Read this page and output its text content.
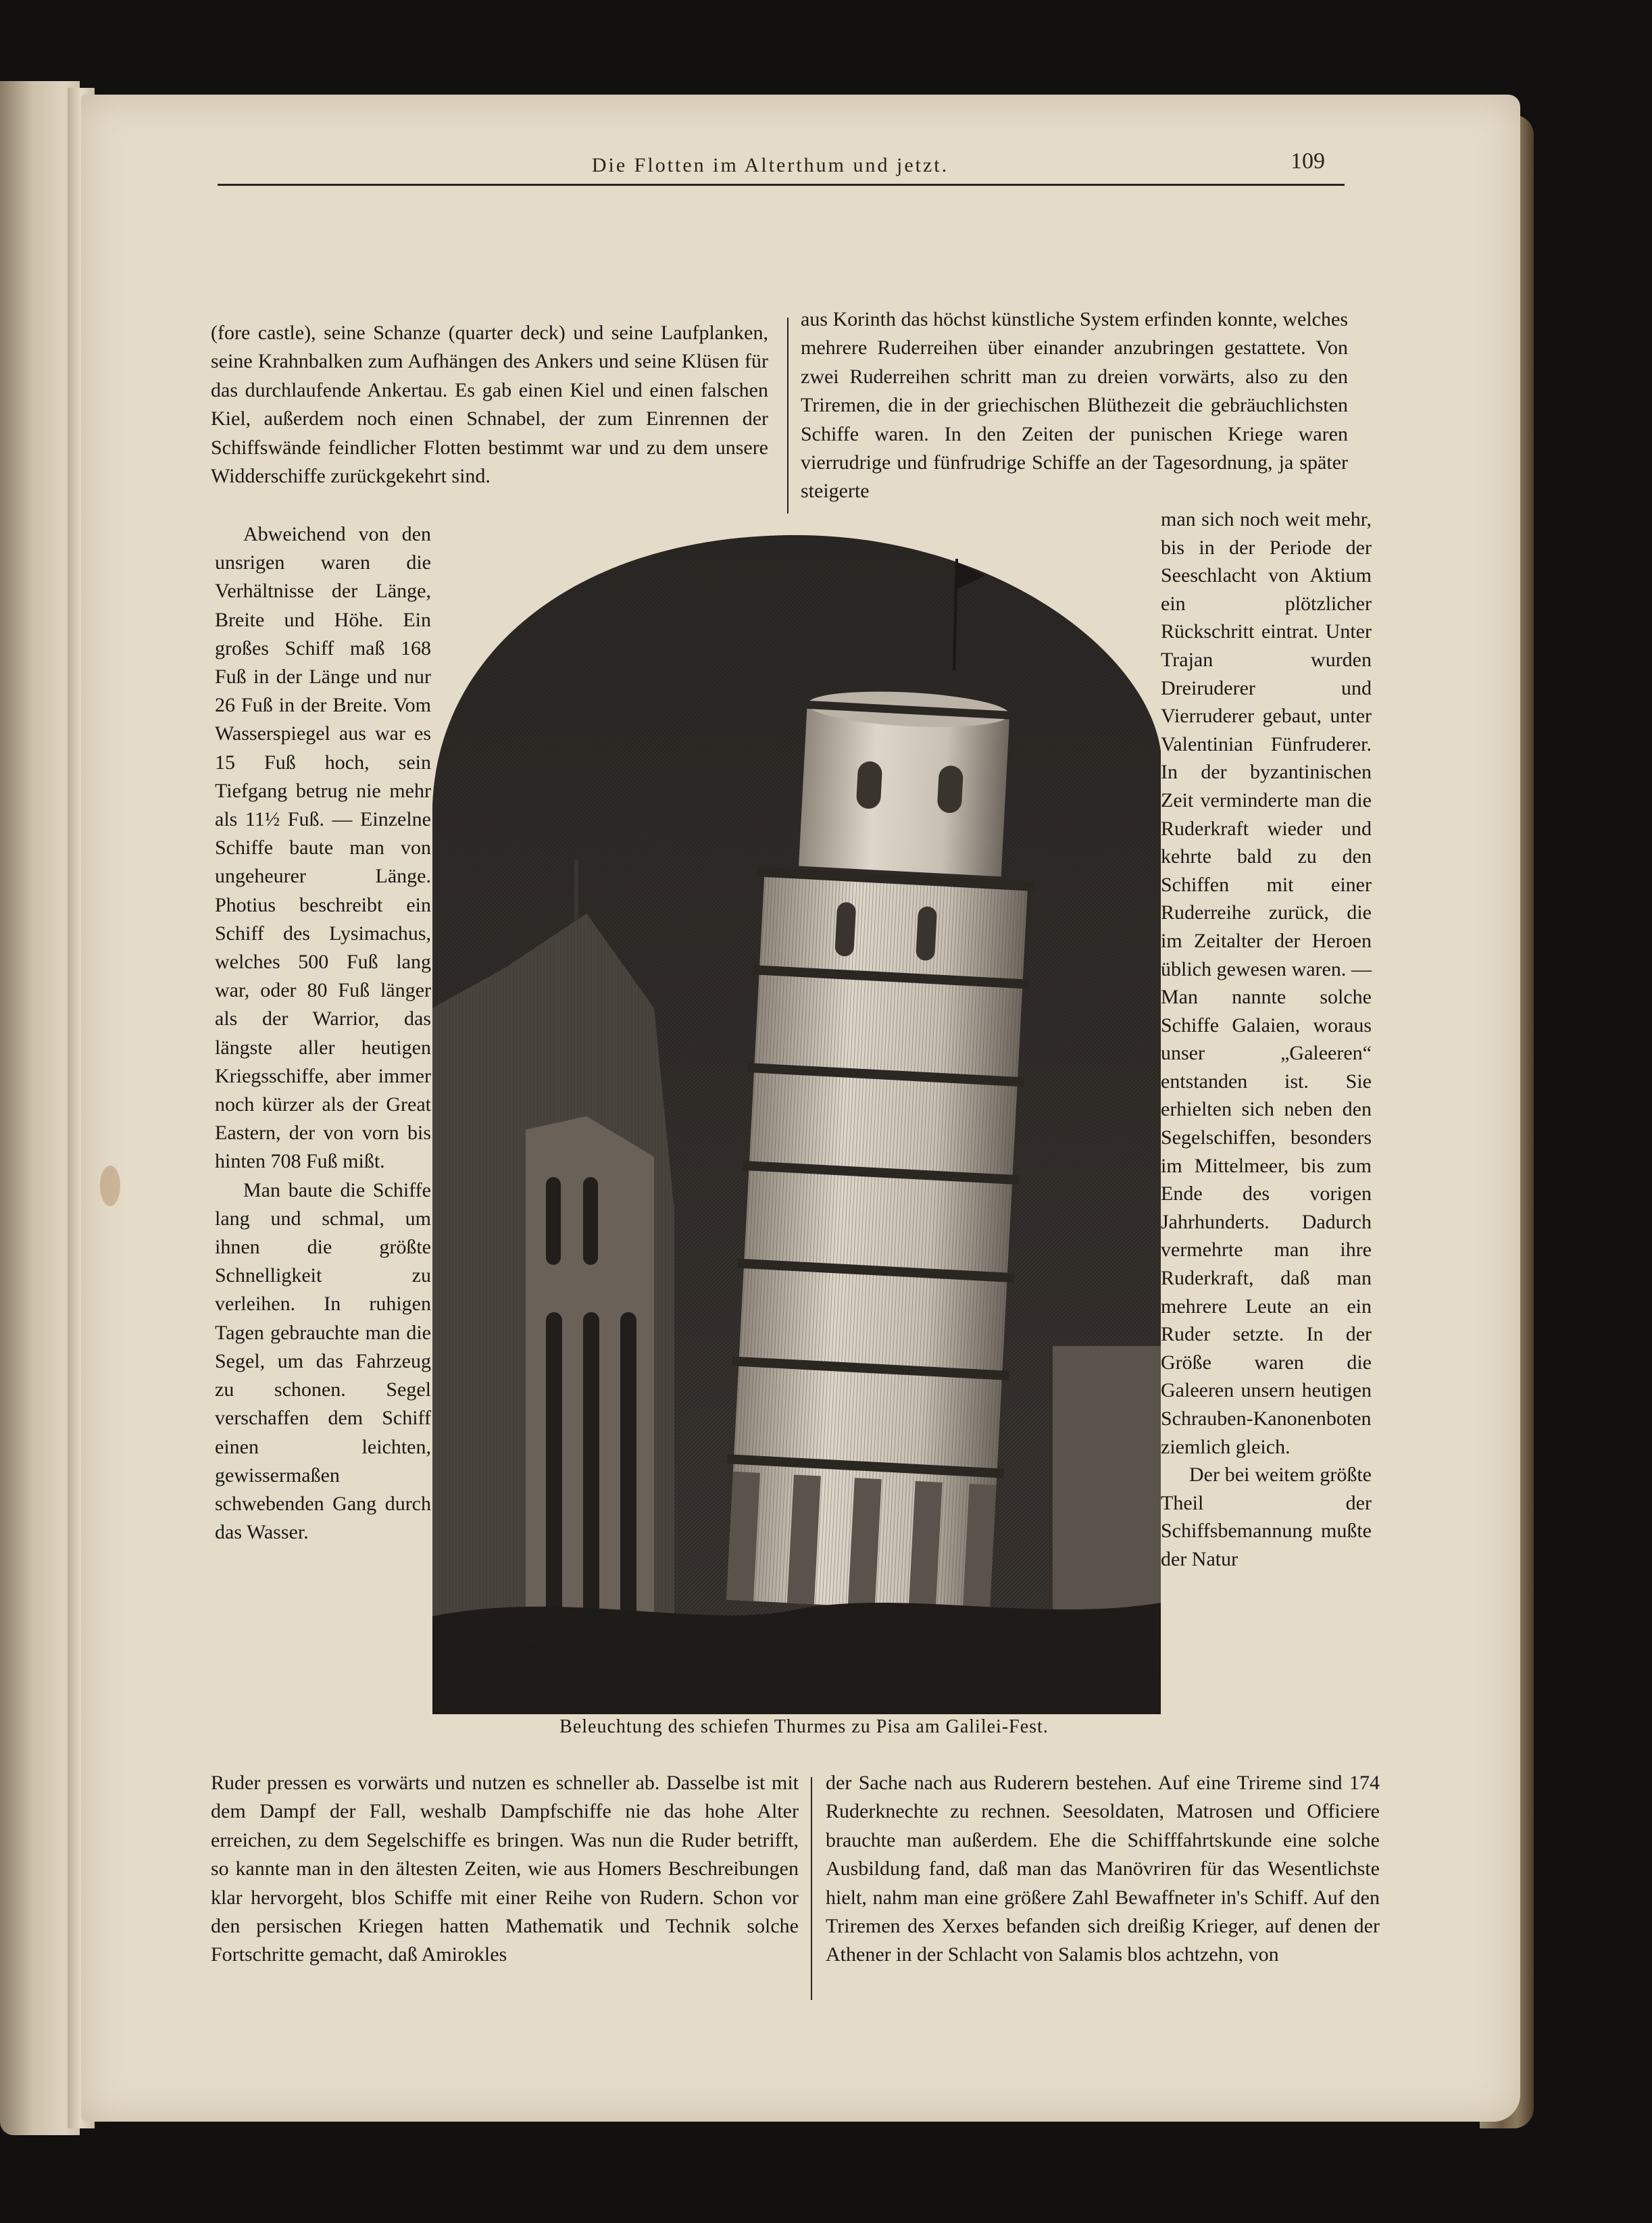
Die Flotten im Alterthum und jetzt.	109

(fore castle), seine Schanze (quarter deck) und seine Laufplanken, seine Krahnbalken zum Aufhängen des Ankers und seine Klüsen für das durchlaufende Ankertau. Es gab einen Kiel und einen falschen Kiel, außerdem noch einen Schnabel, der zum Einrennen der Schiffswände feindlicher Flotten bestimmt war und zu dem unsere Widderschiffe zurückgekehrt sind.

aus Korinth das höchst künstliche System erfinden konnte, welches mehrere Ruderreihen über einander anzubringen gestattete. Von zwei Ruderreihen schritt man zu dreien vorwärts, also zu den Triremen, die in der griechischen Blüthezeit die gebräuchlichsten Schiffe waren. In den Zeiten der punischen Kriege waren vierrudrige und fünfrudrige Schiffe an der Tagesordnung, ja später steigerte

Abweichend von den unsrigen waren die Verhältnisse der Länge, Breite und Höhe. Ein großes Schiff maß 168 Fuß in der Länge und nur 26 Fuß in der Breite. Vom Wasserspiegel aus war es 15 Fuß hoch, sein Tiefgang betrug nie mehr als 11½ Fuß. — Einzelne Schiffe baute man von ungeheurer Länge. Photius beschreibt ein Schiff des Lysimachus, welches 500 Fuß lang war, oder 80 Fuß länger als der Warrior, das längste aller heutigen Kriegsschiffe, aber immer noch kürzer als der Great Eastern, der von vorn bis hinten 708 Fuß mißt.

Man baute die Schiffe lang und schmal, um ihnen die größte Schnelligkeit zu verleihen. In ruhigen Tagen gebrauchte man die Segel, um das Fahrzeug zu schonen. Segel verschaffen dem Schiff einen leichten, gewissermaßen schwebenden Gang durch das Wasser.

man sich noch weit mehr, bis in der Periode der Seeschlacht von Aktium ein plötzlicher Rückschritt eintrat. Unter Trajan wurden Dreiruderer und Vierruderer gebaut, unter Valentinian Fünfruderer. In der byzantinischen Zeit verminderte man die Ruderkraft wieder und kehrte bald zu den Schiffen mit einer Ruderreihe zurück, die im Zeitalter der Heroen üblich gewesen waren. — Man nannte solche Schiffe Galaien, woraus unser „Galeeren“ entstanden ist. Sie erhielten sich neben den Segelschiffen, besonders im Mittelmeer, bis zum Ende des vorigen Jahrhunderts. Dadurch vermehrte man ihre Ruderkraft, daß man mehrere Leute an ein Ruder setzte. In der Größe waren die Galeeren unsern heutigen Schrauben-Kanonenboten ziemlich gleich.

Der bei weitem größte Theil der Schiffsbemannung mußte der Natur

Ruder pressen es vorwärts und nutzen es schneller ab. Dasselbe ist mit dem Dampf der Fall, weshalb Dampfschiffe nie das hohe Alter erreichen, zu dem Segelschiffe es bringen. Was nun die Ruder betrifft, so kannte man in den ältesten Zeiten, wie aus Homers Beschreibungen klar hervorgeht, blos Schiffe mit einer Reihe von Rudern. Schon vor den persischen Kriegen hatten Mathematik und Technik solche Fortschritte gemacht, daß Amirokles

der Sache nach aus Ruderern bestehen. Auf eine Trireme sind 174 Ruderknechte zu rechnen. Seesoldaten, Matrosen und Officiere brauchte man außerdem. Ehe die Schifffahrtskunde eine solche Ausbildung fand, daß man das Manövriren für das Wesentlichste hielt, nahm man eine größere Zahl Bewaffneter in's Schiff. Auf den Triremen des Xerxes befanden sich dreißig Krieger, auf denen der Athener in der Schlacht von Salamis blos achtzehn, von

Beleuchtung des schiefen Thurmes zu Pisa am Galilei-Fest.
